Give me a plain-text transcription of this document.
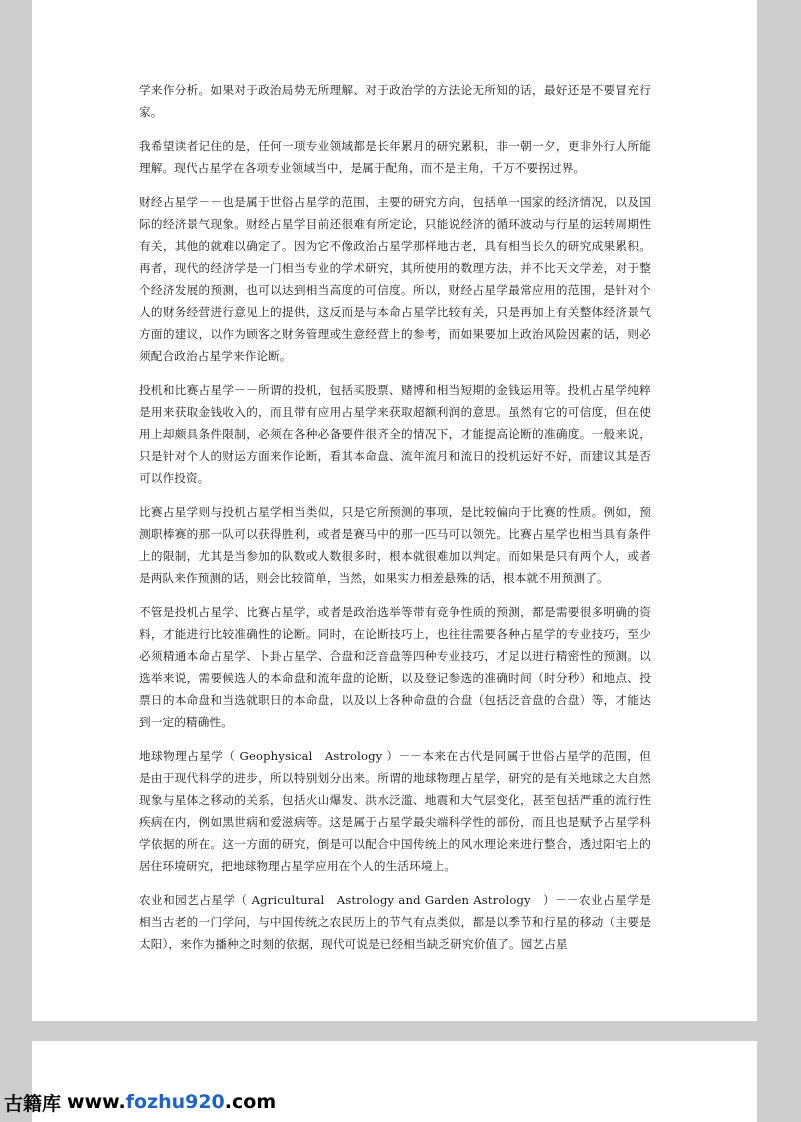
学来作分析。如果对于政治局势无所理解、对于政治学的方法论无所知的话，最好还是不要冒充行家。

我希望读者记住的是，任何一项专业领域都是长年累月的研究累积，非一朝一夕，更非外行人所能理解。现代占星学在各项专业领域当中，是属于配角，而不是主角，千万不要拐过界。

财经占星学－－也是属于世俗占星学的范围，主要的研究方向，包括单一国家的经济情况，以及国际的经济景气现象。财经占星学目前还很难有所定论，只能说经济的循环波动与行星的运转周期性有关，其他的就难以确定了。因为它不像政治占星学那样地古老，具有相当长久的研究成果累积。再者，现代的经济学是一门相当专业的学术研究，其所使用的数理方法，并不比天文学差，对于整个经济发展的预测，也可以达到相当高度的可信度。所以，财经占星学最常应用的范围，是针对个人的财务经营进行意见上的提供，这反而是与本命占星学比较有关，只是再加上有关整体经济景气方面的建议，以作为顾客之财务管理或生意经营上的参考，而如果要加上政治风险因素的话，则必须配合政治占星学来作论断。

投机和比赛占星学－－所谓的投机，包括买股票、赌博和相当短期的金钱运用等。投机占星学纯粹是用来获取金钱收入的，而且带有应用占星学来获取超额利润的意思。虽然有它的可信度，但在使用上却颇具条件限制，必须在各种必备要件很齐全的情况下，才能提高论断的准确度。一般来说，只是针对个人的财运方面来作论断，看其本命盘、流年流月和流日的投机运好不好，而建议其是否可以作投资。

比赛占星学则与投机占星学相当类似，只是它所预测的事项，是比较偏向于比赛的性质。例如，预测职棒赛的那一队可以获得胜利，或者是赛马中的那一匹马可以领先。比赛占星学也相当具有条件上的限制，尤其是当参加的队数或人数很多时，根本就很难加以判定。而如果是只有两个人，或者是两队来作预测的话，则会比较简单，当然，如果实力相差悬殊的话，根本就不用预测了。

不管是投机占星学、比赛占星学，或者是政治选举等带有竞争性质的预测，都是需要很多明确的资料，才能进行比较准确性的论断。同时，在论断技巧上，也往往需要各种占星学的专业技巧，至少必须精通本命占星学、卜卦占星学、合盘和泛音盘等四种专业技巧，才足以进行精密性的预测。以选举来说，需要候选人的本命盘和流年盘的论断，以及登记参选的准确时间（时分秒）和地点、投票日的本命盘和当选就职日的本命盘，以及以上各种命盘的合盘（包括泛音盘的合盘）等，才能达到一定的精确性。

地球物理占星学（ Geophysical　Astrology ）－－本来在古代是同属于世俗占星学的范围，但是由于现代科学的进步，所以特别划分出来。所谓的地球物理占星学，研究的是有关地球之大自然现象与星体之移动的关系，包括火山爆发、洪水泛滥、地震和大气层变化，甚至包括严重的流行性疾病在内，例如黑世病和爱滋病等。这是属于占星学最尖端科学性的部份，而且也是赋予占星学科学依据的所在。这一方面的研究，倒是可以配合中国传统上的风水理论来进行整合，透过阳宅上的居住环境研究，把地球物理占星学应用在个人的生活环境上。

农业和园艺占星学（ Agricultural　Astrology and Garden Astrology　）－－农业占星学是相当古老的一门学问，与中国传统之农民历上的节气有点类似，都是以季节和行星的移动（主要是太阳），来作为播种之时刻的依据，现代可说是已经相当缺乏研究价值了。园艺占星

古籍库 www.fozhu920.com
